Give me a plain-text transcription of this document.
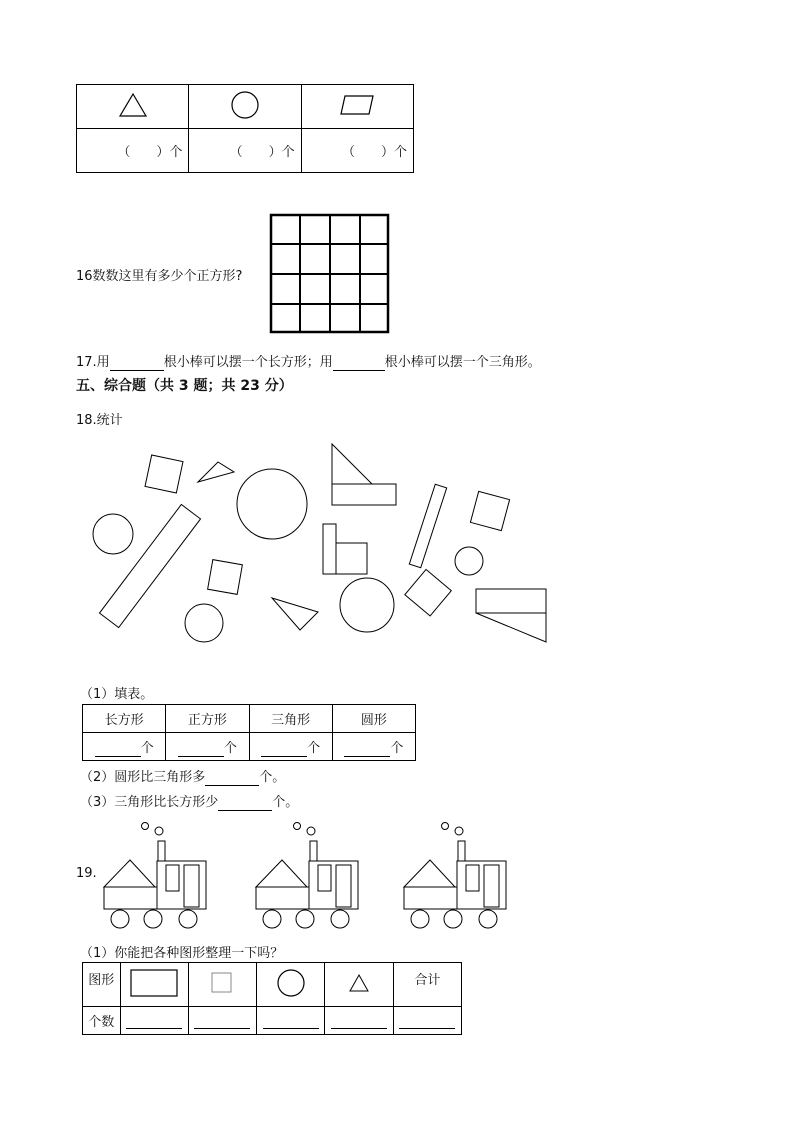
（　　）个	（　　）个	（　　）个
16数数这里有多少个正方形?
17.用	根小棒可以摆一个长方形；用	根小棒可以摆一个三角形。
五、综合题（共 3 题；共 23 分）
18.统计
（1）填表。
长方形	正方形	三角形	圆形
个	个	个	个
（2）圆形比三角形多	个。
（3）三角形比长方形少	个。
19.
（1）你能把各种图形整理一下吗？
图形					合计
个数					
